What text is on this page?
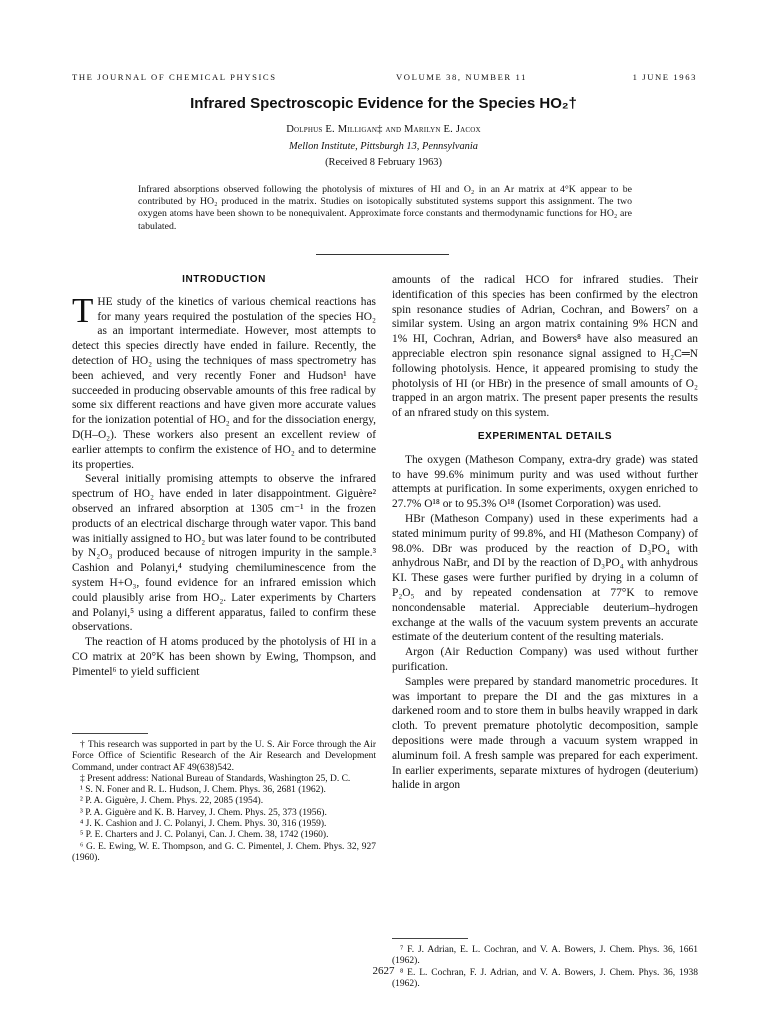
THE JOURNAL OF CHEMICAL PHYSICS	VOLUME 38, NUMBER 11	1 JUNE 1963
Infrared Spectroscopic Evidence for the Species HO₂†
Dolphus E. Milligan‡ and Marilyn E. Jacox
Mellon Institute, Pittsburgh 13, Pennsylvania
(Received 8 February 1963)
Infrared absorptions observed following the photolysis of mixtures of HI and O₂ in an Ar matrix at 4°K appear to be contributed by HO₂ produced in the matrix. Studies on isotopically substituted systems support this assignment. The two oxygen atoms have been shown to be nonequivalent. Approximate force constants and thermodynamic functions for HO₂ are tabulated.
INTRODUCTION

THE study of the kinetics of various chemical reactions has for many years required the postulation of the species HO₂ as an important intermediate. However, most attempts to detect this species directly have ended in failure. Recently, the detection of HO₂ using the techniques of mass spectrometry has been achieved, and very recently Foner and Hudson¹ have succeeded in producing observable amounts of this free radical by some six different reactions and have given more accurate values for the ionization potential of HO₂ and for the dissociation energy, D(H–O₂). These workers also present an excellent review of earlier attempts to confirm the existence of HO₂ and to determine its properties.

Several initially promising attempts to observe the infrared spectrum of HO₂ have ended in later disappointment. Giguère² observed an infrared absorption at 1305 cm⁻¹ in the frozen products of an electrical discharge through water vapor. This band was initially assigned to HO₂ but was later found to be contributed by N₂O₃ produced because of nitrogen impurity in the sample.³ Cashion and Polanyi,⁴ studying chemiluminescence from the system H+O₃, found evidence for an infrared emission which could plausibly arise from HO₂. Later experiments by Charters and Polanyi,⁵ using a different apparatus, failed to confirm these observations.

The reaction of H atoms produced by the photolysis of HI in a CO matrix at 20°K has been shown by Ewing, Thompson, and Pimentel⁶ to yield sufficient

† This research was supported in part by the U. S. Air Force through the Air Force Office of Scientific Research of the Air Research and Development Command, under contract AF 49(638)542.

‡ Present address: National Bureau of Standards, Washington 25, D. C.

¹ S. N. Foner and R. L. Hudson, J. Chem. Phys. 36, 2681 (1962).

² P. A. Giguère, J. Chem. Phys. 22, 2085 (1954).

³ P. A. Giguère and K. B. Harvey, J. Chem. Phys. 25, 373 (1956).

⁴ J. K. Cashion and J. C. Polanyi, J. Chem. Phys. 30, 316 (1959).

⁵ P. E. Charters and J. C. Polanyi, Can. J. Chem. 38, 1742 (1960).

⁶ G. E. Ewing, W. E. Thompson, and G. C. Pimentel, J. Chem. Phys. 32, 927 (1960).

amounts of the radical HCO for infrared studies. Their identification of this species has been confirmed by the electron spin resonance studies of Adrian, Cochran, and Bowers⁷ on a similar system. Using an argon matrix containing 9% HCN and 1% HI, Cochran, Adrian, and Bowers⁸ have also measured an appreciable electron spin resonance signal assigned to H₂C═N following photolysis. Hence, it appeared promising to study the photolysis of HI (or HBr) in the presence of small amounts of O₂ trapped in an argon matrix. The present paper presents the results of an nfrared study on this system.

EXPERIMENTAL DETAILS

The oxygen (Matheson Company, extra-dry grade) was stated to have 99.6% minimum purity and was used without further attempts at purification. In some experiments, oxygen enriched to 27.7% O¹⁸ or to 95.3% O¹⁸ (Isomet Corporation) was used.

HBr (Matheson Company) used in these experiments had a stated minimum purity of 99.8%, and HI (Matheson Company) of 98.0%. DBr was produced by the reaction of D₃PO₄ with anhydrous NaBr, and DI by the reaction of D₃PO₄ with anhydrous KI. These gases were further purified by drying in a column of P₂O₅ and by repeated condensation at 77°K to remove noncondensable material. Appreciable deuterium–hydrogen exchange at the walls of the vacuum system prevents an accurate estimate of the deuterium content of the resulting materials.

Argon (Air Reduction Company) was used without further purification.

Samples were prepared by standard manometric procedures. It was important to prepare the DI and the gas mixtures in a darkened room and to store them in bulbs heavily wrapped in dark cloth. To prevent premature photolytic decomposition, sample depositions were made through a vacuum system wrapped in aluminum foil. A fresh sample was prepared for each experiment. In earlier experiments, separate mixtures of hydrogen (deuterium) halide in argon

⁷ F. J. Adrian, E. L. Cochran, and V. A. Bowers, J. Chem. Phys. 36, 1661 (1962).

⁸ E. L. Cochran, F. J. Adrian, and V. A. Bowers, J. Chem. Phys. 36, 1938 (1962).

2627
